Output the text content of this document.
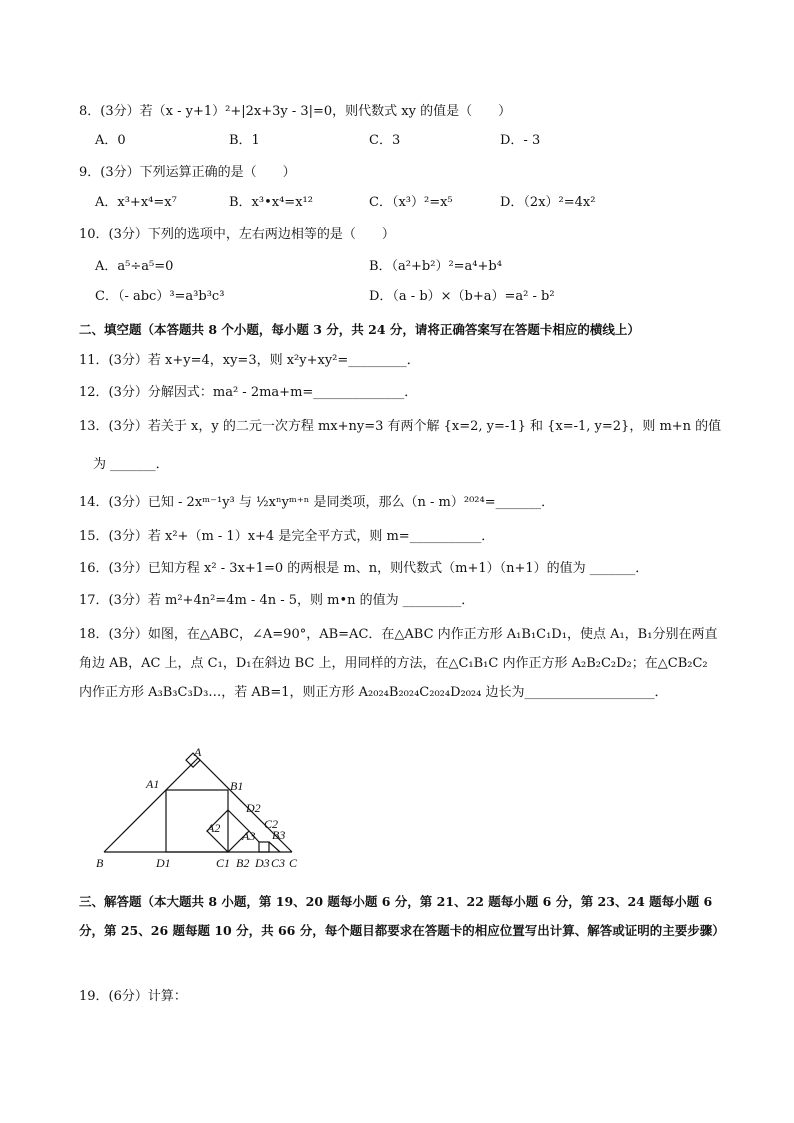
8．(3分）若（x - y+1）²+|2x+3y - 3|=0，则代数式 xy 的值是（　　）
A．0	B．1	C．3	D．- 3
9．(3分）下列运算正确的是（　　）
A．x³+x⁴=x⁷	B．x³•x⁴=x¹²	C．（x³）²=x⁵	D．（2x）²=4x²
10．(3分）下列的选项中，左右两边相等的是（　　）
A．a⁵÷a⁵=0	B．（a²+b²）²=a⁴+b⁴
C．（- abc）³=a³b³c³	D．（a - b）×（b+a）=a² - b²
二、填空题（本答题共 8 个小题，每小题 3 分，共 24 分，请将正确答案写在答题卡相应的横线上）
11．(3分）若 x+y=4，xy=3，则 x²y+xy²=_________．
12．(3分）分解因式：ma² - 2ma+m=______________．
13．(3分）若关于 x，y 的二元一次方程 mx+ny=3 有两个解 {x=2, y=-1} 和 {x=-1, y=2}，则 m+n 的值
为 _______．
14．(3分）已知 - 2xᵐ⁻¹y³ 与 ½xⁿyᵐ⁺ⁿ 是同类项，那么（n - m）²⁰²⁴=_______．
15．(3分）若 x²+（m - 1）x+4 是完全平方式，则 m=___________．
16．(3分）已知方程 x² - 3x+1=0 的两根是 m、n，则代数式（m+1）（n+1）的值为 _______．
17．(3分）若 m²+4n²=4m - 4n - 5，则 m•n 的值为 _________．
18．(3分）如图，在△ABC，∠A=90°，AB=AC．在△ABC 内作正方形 A₁B₁C₁D₁，使点 A₁，B₁分别在两直角边 AB，AC 上，点 C₁，D₁在斜边 BC 上，用同样的方法，在△C₁B₁C 内作正方形 A₂B₂C₂D₂；在△CB₂C₂ 内作正方形 A₃B₃C₃D₃…，若 AB=1，则正方形 A₂₀₂₄B₂₀₂₄C₂₀₂₄D₂₀₂₄ 边长为____________________．
A
A1	B1
D2
A2	C2
A3 B3
B	D1	C1 B2 D3 C3 C
三、解答题（本大题共 8 小题，第 19、20 题每小题 6 分，第 21、22 题每小题 6 分，第 23、24 题每小题 6 分，第 25、26 题每题 10 分，共 66 分，每个题目都要求在答题卡的相应位置写出计算、解答或证明的主要步骤）
19．(6分）计算：
